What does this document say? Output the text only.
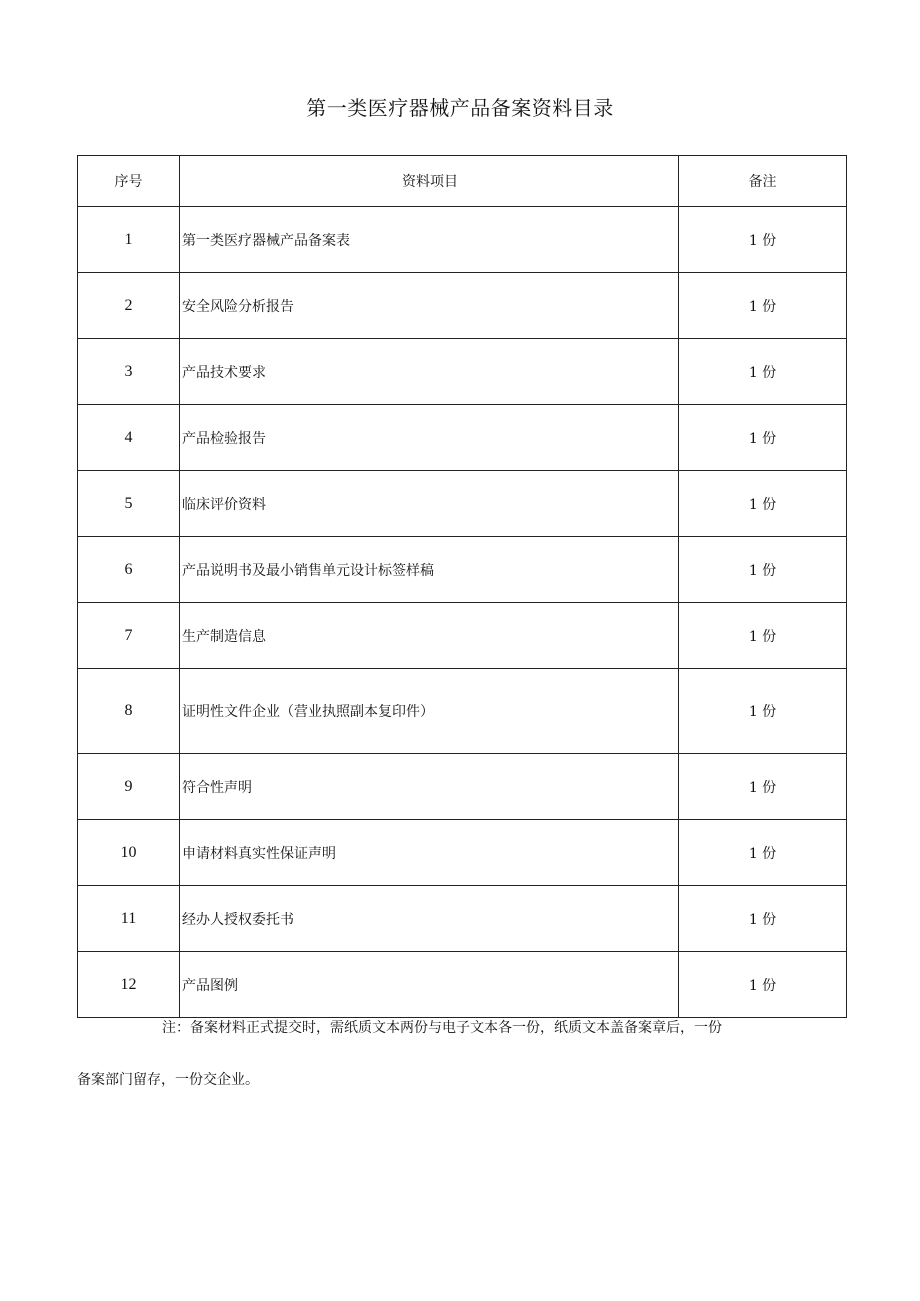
第一类医疗器械产品备案资料目录
序号	资料项目	备注
1	第一类医疗器械产品备案表	1 份
2	安全风险分析报告	1 份
3	产品技术要求	1 份
4	产品检验报告	1 份
5	临床评价资料	1 份
6	产品说明书及最小销售单元设计标签样稿	1 份
7	生产制造信息	1 份
8	证明性文件企业（营业执照副本复印件）	1 份
9	符合性声明	1 份
10	申请材料真实性保证声明	1 份
11	经办人授权委托书	1 份
12	产品图例	1 份
注：备案材料正式提交时，需纸质文本两份与电子文本各一份，纸质文本盖备案章后，一份
备案部门留存，一份交企业。
